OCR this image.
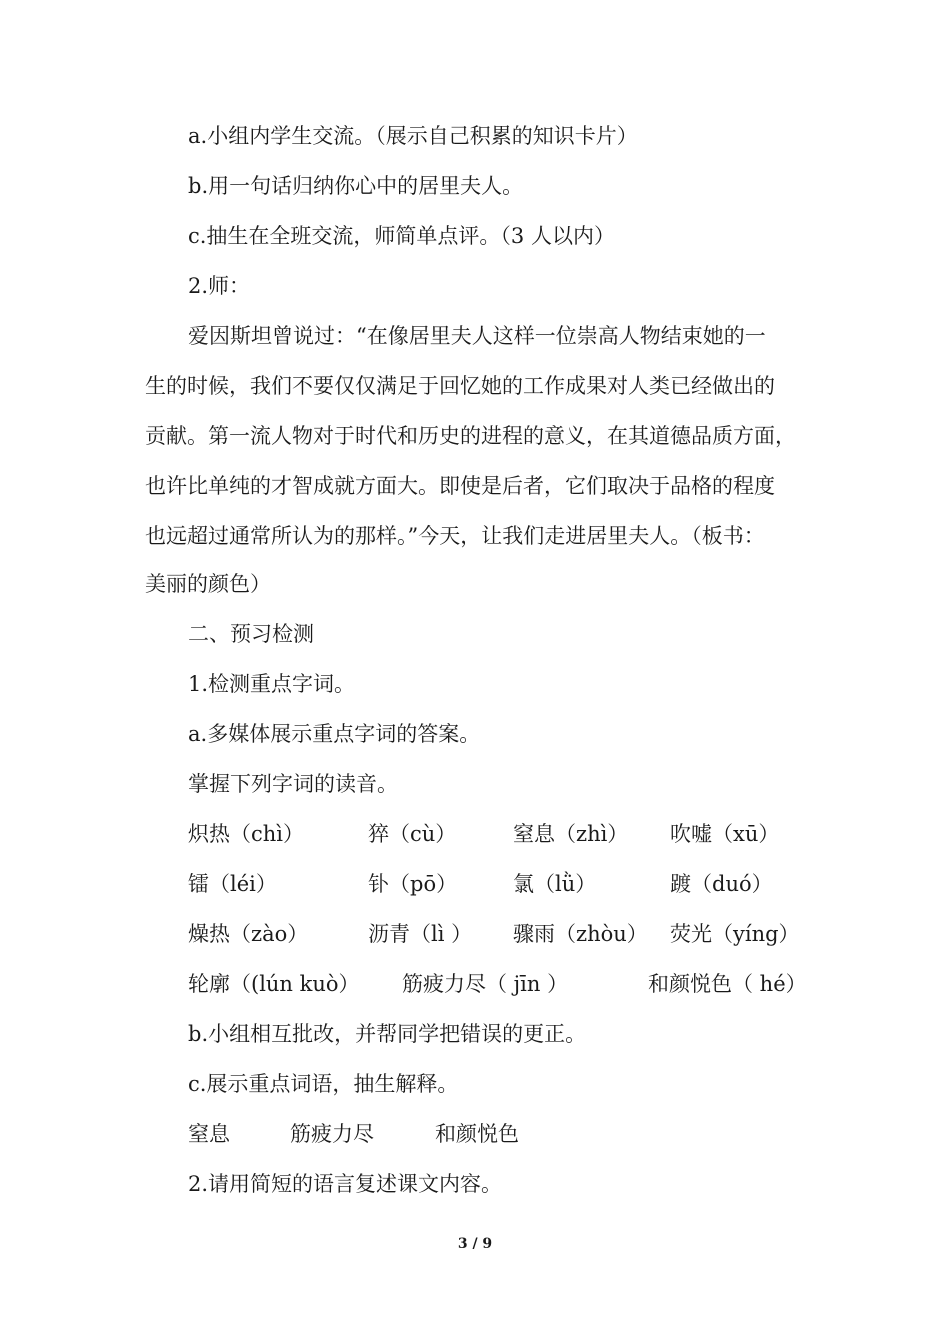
a.小组内学生交流。（展示自己积累的知识卡片）
b.用一句话归纳你心中的居里夫人。
c.抽生在全班交流，师简单点评。（3 人以内）
2.师：
爱因斯坦曾说过：“在像居里夫人这样一位崇高人物结束她的一
生的时候，我们不要仅仅满足于回忆她的工作成果对人类已经做出的
贡献。第一流人物对于时代和历史的进程的意义，在其道德品质方面，
也许比单纯的才智成就方面大。即使是后者，它们取决于品格的程度
也远超过通常所认为的那样。”今天，让我们走进居里夫人。（板书：
美丽的颜色）
二、预习检测
1.检测重点字词。
a.多媒体展示重点字词的答案。
掌握下列字词的读音。
炽热（chì）	猝（cù）	窒息（zhì） 吹嘘（xū）
镭（léi）	钋（pō）	氯（lǜ）	踱（duó）
燥热（zào）	沥青（lì ） 骤雨（zhòu） 荧光（yíng）
轮廓（(lún kuò） 筋疲力尽（ jīn ）	和颜悦色（ hé）
b.小组相互批改，并帮同学把错误的更正。
c.展示重点词语，抽生解释。
窒息	筋疲力尽	和颜悦色
2.请用简短的语言复述课文内容。
3 / 9
